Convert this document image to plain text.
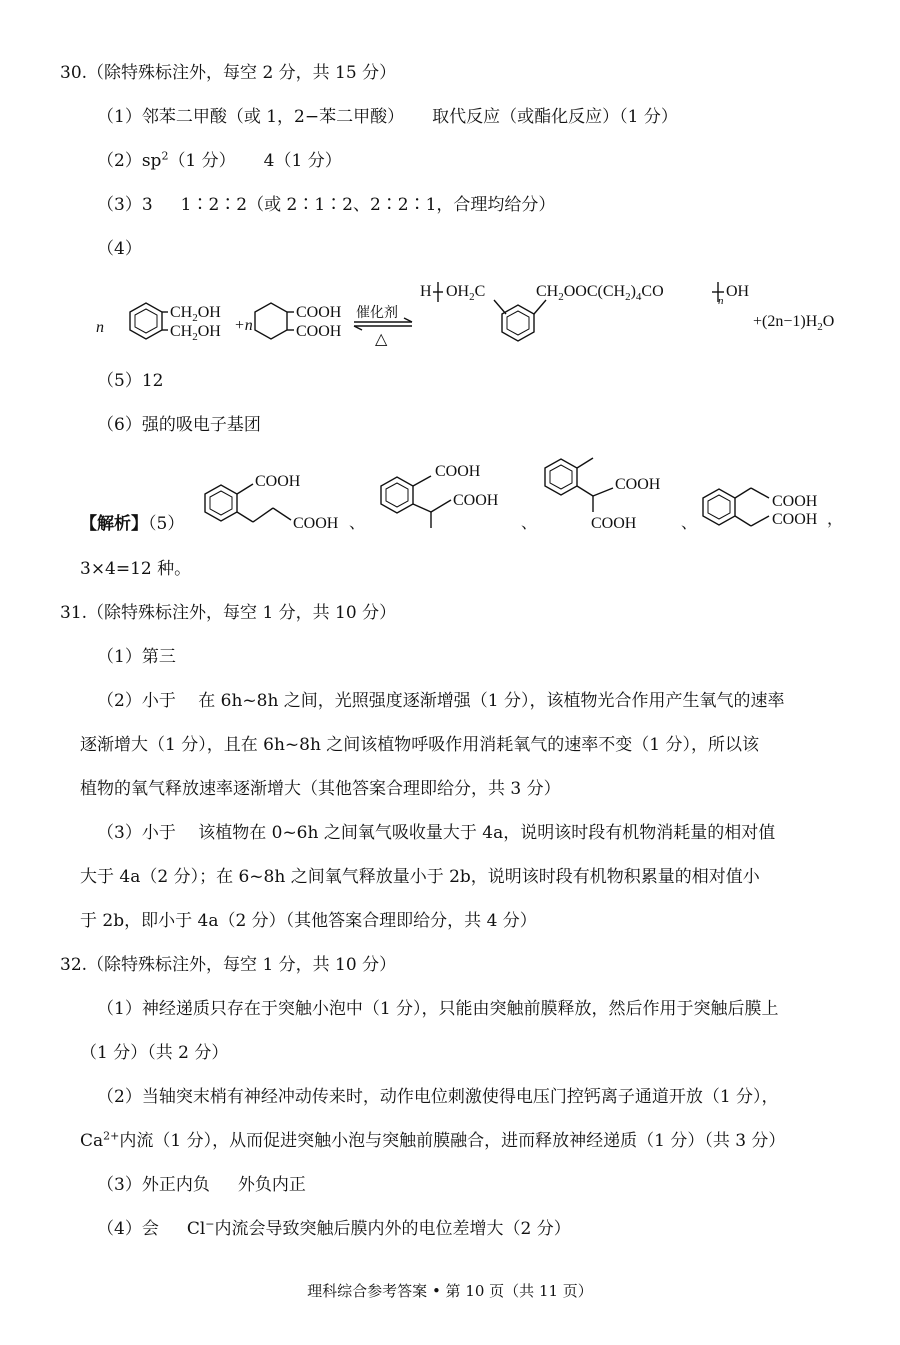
30.（除特殊标注外，每空 2 分，共 15 分）
（1）邻苯二甲酸（或 1，2−苯二甲酸） 取代反应（或酯化反应）（1 分）
$(2)sp^2(1$ 分） 4（1 分）
（3）3 1∶2∶2（或 2∶1∶2、2∶2∶1，合理均给分）
（4）
n
$CH_2OH$
$CH_2OH +n$
COOH
COOH
催化剂
△
H $OH_2C$	$CH_2OOC(CH_2)_4CO$
n
OH
$+(2n-1)H_2O$
（5）12
（6）强的吸电子基团
【解析】（5）
COOH
COOH 、
COOH
COOH
、
COOH
COOH	、
COOH
COOH ，
3×4=12 种。
31.（除特殊标注外，每空 1 分，共 10 分）
（1）第三
（2）小于　 在 6h~8h 之间，光照强度逐渐增强（1 分），该植物光合作用产生氧气的速率
逐渐增大（1 分），且在 6h~8h 之间该植物呼吸作用消耗氧气的速率不变（1 分），所以该
植物的氧气释放速率逐渐增大（其他答案合理即给分，共 3 分）
（3）小于　 该植物在 0~6h 之间氧气吸收量大于 4a，说明该时段有机物消耗量的相对值
大于 4a（2 分）；在 6~8h 之间氧气释放量小于 2b，说明该时段有机物积累量的相对值小
于 2b，即小于 4a（2 分）（其他答案合理即给分，共 4 分）
32.（除特殊标注外，每空 1 分，共 10 分）
（1）神经递质只存在于突触小泡中（1 分），只能由突触前膜释放，然后作用于突触后膜上
（1 分）（共 2 分）
（2）当轴突末梢有神经冲动传来时，动作电位刺激使得电压门控钙离子通道开放（1 分），
$Ca^{2+}$内流（1 分），从而促进突触小泡与突触前膜融合，进而释放神经递质（1 分）（共 3 分）
（3）外正内负 外负内正
（4）会 Cl−内流会导致突触后膜内外的电位差增大（2 分）
理科综合参考答案 • 第 10 页（共 11 页）
